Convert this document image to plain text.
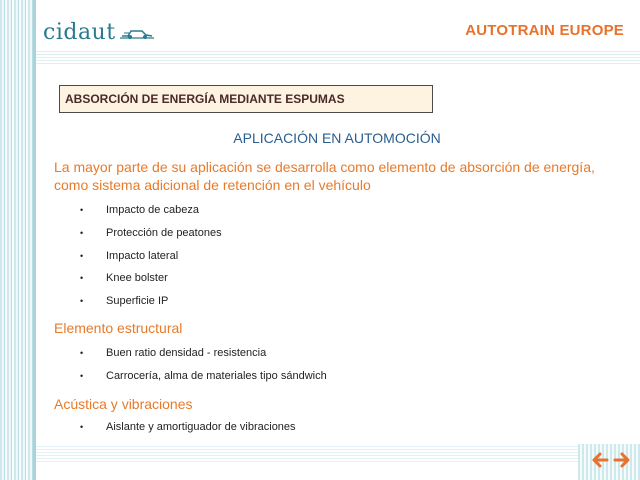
cidaut	AUTOTRAIN EUROPE
ABSORCIÓN DE ENERGÍA MEDIANTE ESPUMAS
APLICACIÓN EN AUTOMOCIÓN
La mayor parte de su aplicación se desarrolla como elemento de absorción de energía, como sistema adicional de retención en el vehículo
•	Impacto de cabeza
•	Protección de peatones
•	Impacto lateral
•	Knee bolster
•	Superficie IP
Elemento estructural
•	Buen ratio densidad - resistencia
•	Carrocería, alma de materiales tipo sándwich
Acústica y vibraciones
•	Aislante y amortiguador de vibraciones
